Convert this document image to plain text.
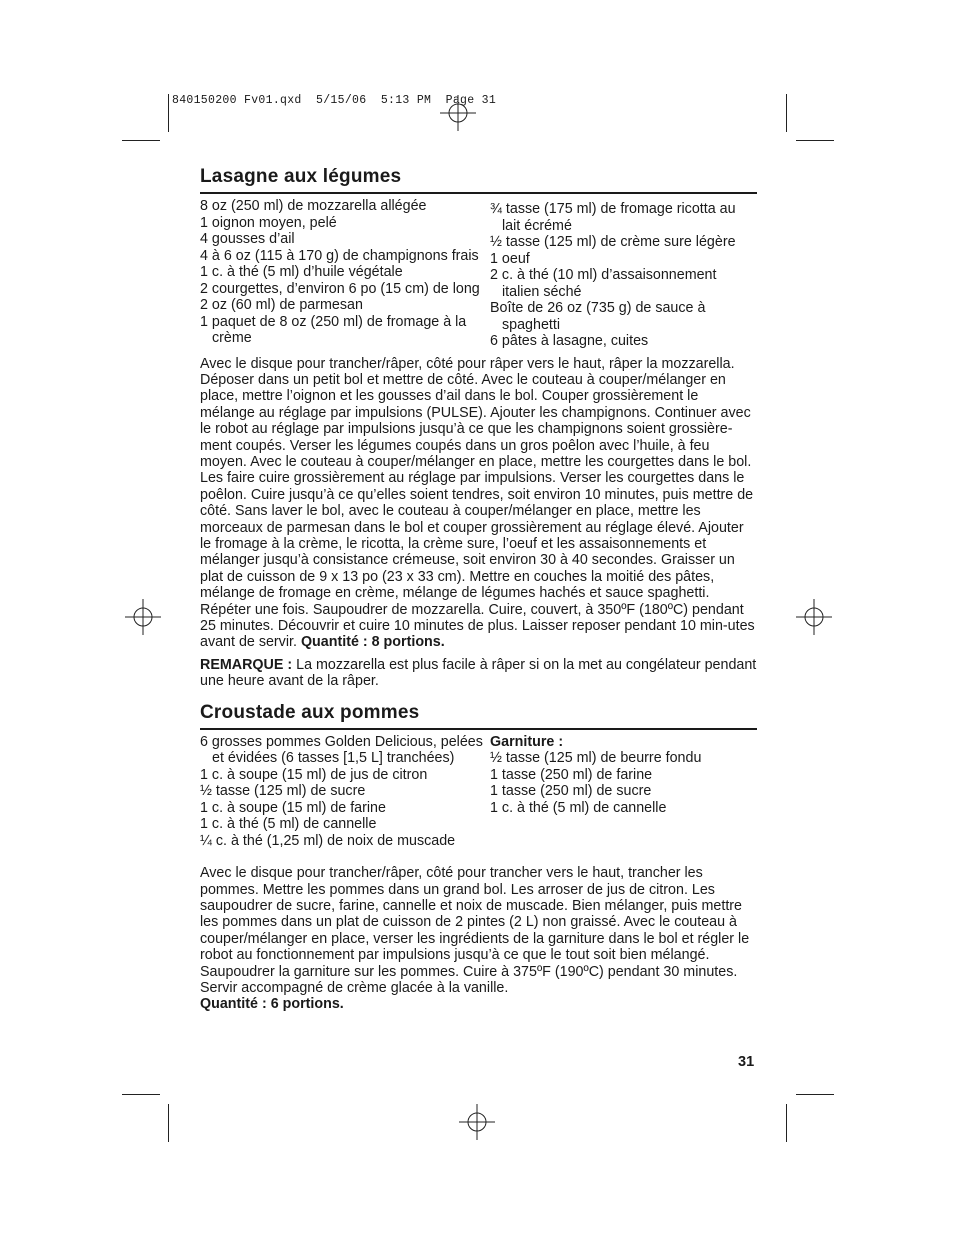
840150200 Fv01.qxd  5/15/06  5:13 PM  Page 31
Lasagne aux légumes
8 oz (250 ml) de mozzarella allégée
1 oignon moyen, pelé
4 gousses d’ail
4 à 6 oz (115 à 170 g) de champignons frais
1 c. à thé (5 ml) d’huile végétale
2 courgettes, d’environ 6 po (15 cm) de long
2 oz (60 ml) de parmesan
1 paquet de 8 oz (250 ml) de fromage à la crème
¾ tasse (175 ml) de fromage ricotta au lait écrémé
½ tasse (125 ml) de crème sure légère
1 oeuf
2 c. à thé (10 ml) d’assaisonnement italien séché
Boîte de 26 oz (735 g) de sauce à spaghetti
6 pâtes à lasagne, cuites

Avec le disque pour trancher/râper, côté pour râper vers le haut, râper la mozzarella. Déposer dans un petit bol et mettre de côté. Avec le couteau à couper/mélanger en place, mettre l’oignon et les gousses d’ail dans le bol. Couper grossièrement le mélange au réglage par impulsions (PULSE). Ajouter les champignons. Continuer avec le robot au réglage par impulsions jusqu’à ce que les champignons soient grossière-ment coupés. Verser les légumes coupés dans un gros poêlon avec l’huile, à feu moyen. Avec le couteau à couper/mélanger en place, mettre les courgettes dans le bol. Les faire cuire grossièrement au réglage par impulsions. Verser les courgettes dans le poêlon. Cuire jusqu’à ce qu’elles soient tendres, soit environ 10 minutes, puis mettre de côté. Sans laver le bol, avec le couteau à couper/mélanger en place, mettre les morceaux de parmesan dans le bol et couper grossièrement au réglage élevé. Ajouter le fromage à la crème, le ricotta, la crème sure, l’oeuf et les assaisonnements et mélanger jusqu’à consistance crémeuse, soit environ 30 à 40 secondes. Graisser un plat de cuisson de 9 x 13 po (23 x 33 cm). Mettre en couches la moitié des pâtes, mélange de fromage en crème, mélange de légumes hachés et sauce spaghetti. Répéter une fois. Saupoudrer de mozzarella. Cuire, couvert, à 350ºF (180ºC) pendant 25 minutes. Découvrir et cuire 10 minutes de plus. Laisser reposer pendant 10 min-utes avant de servir. Quantité : 8 portions.

REMARQUE : La mozzarella est plus facile à râper si on la met au congélateur pendant une heure avant de la râper.

Croustade aux pommes
6 grosses pommes Golden Delicious, pelées et évidées (6 tasses [1,5 L] tranchées)
1 c. à soupe (15 ml) de jus de citron
½ tasse (125 ml) de sucre
1 c. à soupe (15 ml) de farine
1 c. à thé (5 ml) de cannelle
¼ c. à thé (1,25 ml) de noix de muscade
Garniture :
½ tasse (125 ml) de beurre fondu
1 tasse (250 ml) de farine
1 tasse (250 ml) de sucre
1 c. à thé (5 ml) de cannelle

Avec le disque pour trancher/râper, côté pour trancher vers le haut, trancher les pommes. Mettre les pommes dans un grand bol. Les arroser de jus de citron. Les saupoudrer de sucre, farine, cannelle et noix de muscade. Bien mélanger, puis mettre les pommes dans un plat de cuisson de 2 pintes (2 L) non graissé. Avec le couteau à couper/mélanger en place, verser les ingrédients de la garniture dans le bol et régler le robot au fonctionnement par impulsions jusqu’à ce que le tout soit bien mélangé. Saupoudrer la garniture sur les pommes. Cuire à 375ºF (190ºC) pendant 30 minutes. Servir accompagné de crème glacée à la vanille.

Quantité : 6 portions.

31
